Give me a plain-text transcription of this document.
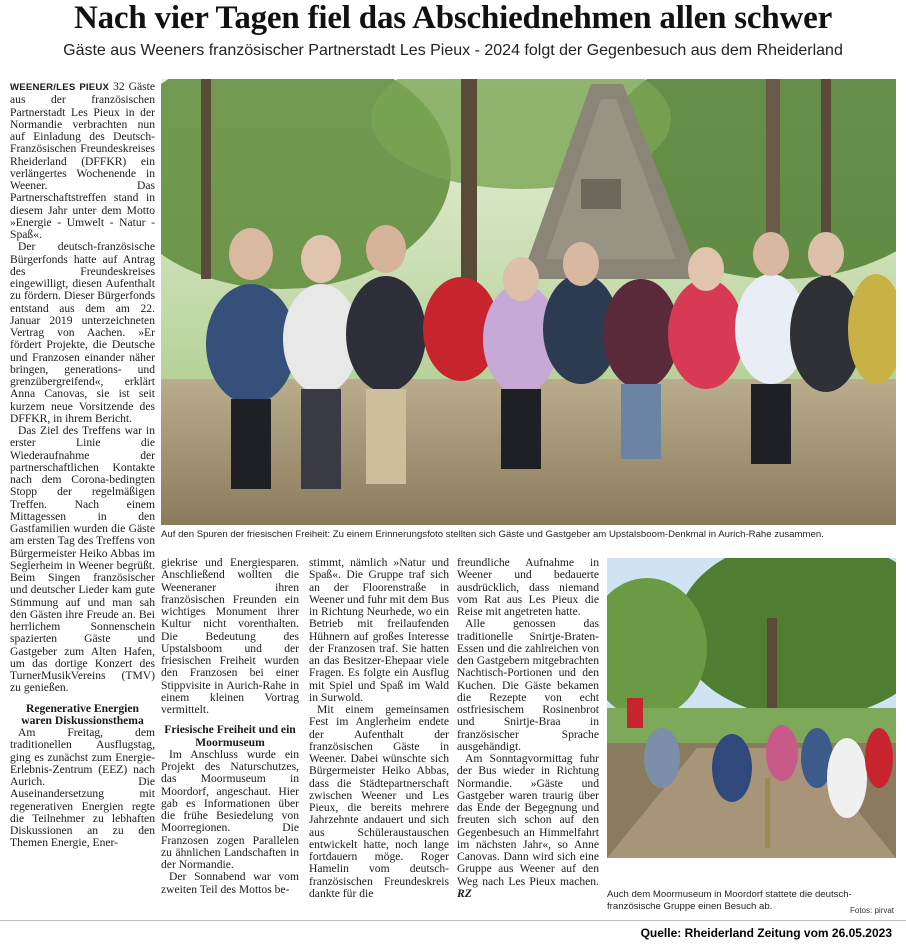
Nach vier Tagen fiel das Abschiednehmen allen schwer
Gäste aus Weeners französischer Partnerstadt Les Pieux - 2024 folgt der Gegenbesuch aus dem Rheiderland

WEENER/LES PIEUX 32 Gäste aus der französischen Partnerstadt Les Pieux in der Normandie verbrachten nun auf Einladung des Deutsch-Französischen Freundeskreises Rheiderland (DFFKR) ein verlängertes Wochenende in Weener. Das Partnerschaftstreffen stand in diesem Jahr unter dem Motto »Energie - Umwelt - Natur - Spaß«.

Der deutsch-französische Bürgerfonds hatte auf Antrag des Freundeskreises eingewilligt, diesen Aufenthalt zu fördern. Dieser Bürgerfonds entstand aus dem am 22. Januar 2019 unterzeichneten Vertrag von Aachen. »Er fördert Projekte, die Deutsche und Franzosen einander näher bringen, generations- und grenzübergreifend«, erklärt Anna Canovas, sie ist seit kurzem neue Vorsitzende des DFFKR, in ihrem Bericht.

Das Ziel des Treffens war in erster Linie die Wiederaufnahme der partnerschaftlichen Kontakte nach dem Corona-bedingten Stopp der regelmäßigen Treffen. Nach einem Mittagessen in den Gastfamilien wurden die Gäste am ersten Tag des Treffens von Bürgermeister Heiko Abbas im Seglerheim in Weener begrüßt. Beim Singen französischer und deutscher Lieder kam gute Stimmung auf und man sah den Gästen ihre Freude an. Bei herrlichem Sonnenschein spazierten Gäste und Gastgeber zum Alten Hafen, um das dortige Konzert des TurnerMusikVereins (TMV) zu genießen.

Regenerative Energien waren Diskussionsthema

Am Freitag, dem traditionellen Ausflugstag, ging es zunächst zum Energie-Erlebnis-Zentrum (EEZ) nach Aurich. Die Auseinandersetzung mit regenerativen Energien regte die Teilnehmer zu lebhaften Diskussionen an zu den Themen Energie, Ener-

Auf den Spuren der friesischen Freiheit: Zu einem Erinnerungsfoto stellten sich Gäste und Gastgeber am Upstalsboom-Denkmal in Aurich-Rahe zusammen.

giekrise und Energiesparen. Anschließend wollten die Weeneraner ihren französischen Freunden ein wichtiges Monument ihrer Kultur nicht vorenthalten. Die Bedeutung des Upstalsboom und der friesischen Freiheit wurden den Franzosen bei einer Stippvisite in Aurich-Rahe in einem kleinen Vortrag vermittelt.

Friesische Freiheit und ein Moormuseum

Im Anschluss wurde ein Projekt des Naturschutzes, das Moormuseum in Moordorf, angeschaut. Hier gab es Informationen über die frühe Besiedelung von Moorregionen. Die Franzosen zogen Parallelen zu ähnlichen Landschaften in der Normandie.

Der Sonnabend war vom zweiten Teil des Mottos be-

stimmt, nämlich »Natur und Spaß«. Die Gruppe traf sich an der Floorenstraße in Weener und fuhr mit dem Bus in Richtung Neurhede, wo ein Betrieb mit freilaufenden Hühnern auf großes Interesse der Franzosen traf. Sie hatten an das Besitzer-Ehepaar viele Fragen. Es folgte ein Ausflug mit Spiel und Spaß im Wald in Surwold.

Mit einem gemeinsamen Fest im Anglerheim endete der Aufenthalt der französischen Gäste in Weener. Dabei wünschte sich Bürgermeister Heiko Abbas, dass die Städtepartnerschaft zwischen Weener und Les Pieux, die bereits mehrere Jahrzehnte andauert und sich aus Schüleraustauschen entwickelt hatte, noch lange fortdauern möge. Roger Hamelin vom deutsch-französischen Freundeskreis dankte für die

freundliche Aufnahme in Weener und bedauerte ausdrücklich, dass niemand vom Rat aus Les Pieux die Reise mit angetreten hatte.

Alle genossen das traditionelle Snirtje-Braten-Essen und die zahlreichen von den Gastgebern mitgebrachten Nachtisch-Portionen und den Kuchen. Die Gäste bekamen die Rezepte von echt ostfriesischem Rosinenbrot und Snirtje-Braa in französischer Sprache ausgehändigt.

Am Sonntagvormittag fuhr der Bus wieder in Richtung Normandie. »Gäste und Gastgeber waren traurig über das Ende der Begegnung und freuten sich schon auf den Gegenbesuch an Himmelfahrt im nächsten Jahr«, so Anne Canovas. Dann wird sich eine Gruppe aus Weener auf den Weg nach Les Pieux machen. RZ	Auch dem Moormuseum in Moordorf stattete die deutsch-französische Gruppe einen Besuch ab.	Fotos: pirvat
Quelle: Rheiderland Zeitung vom 26.05.2023
